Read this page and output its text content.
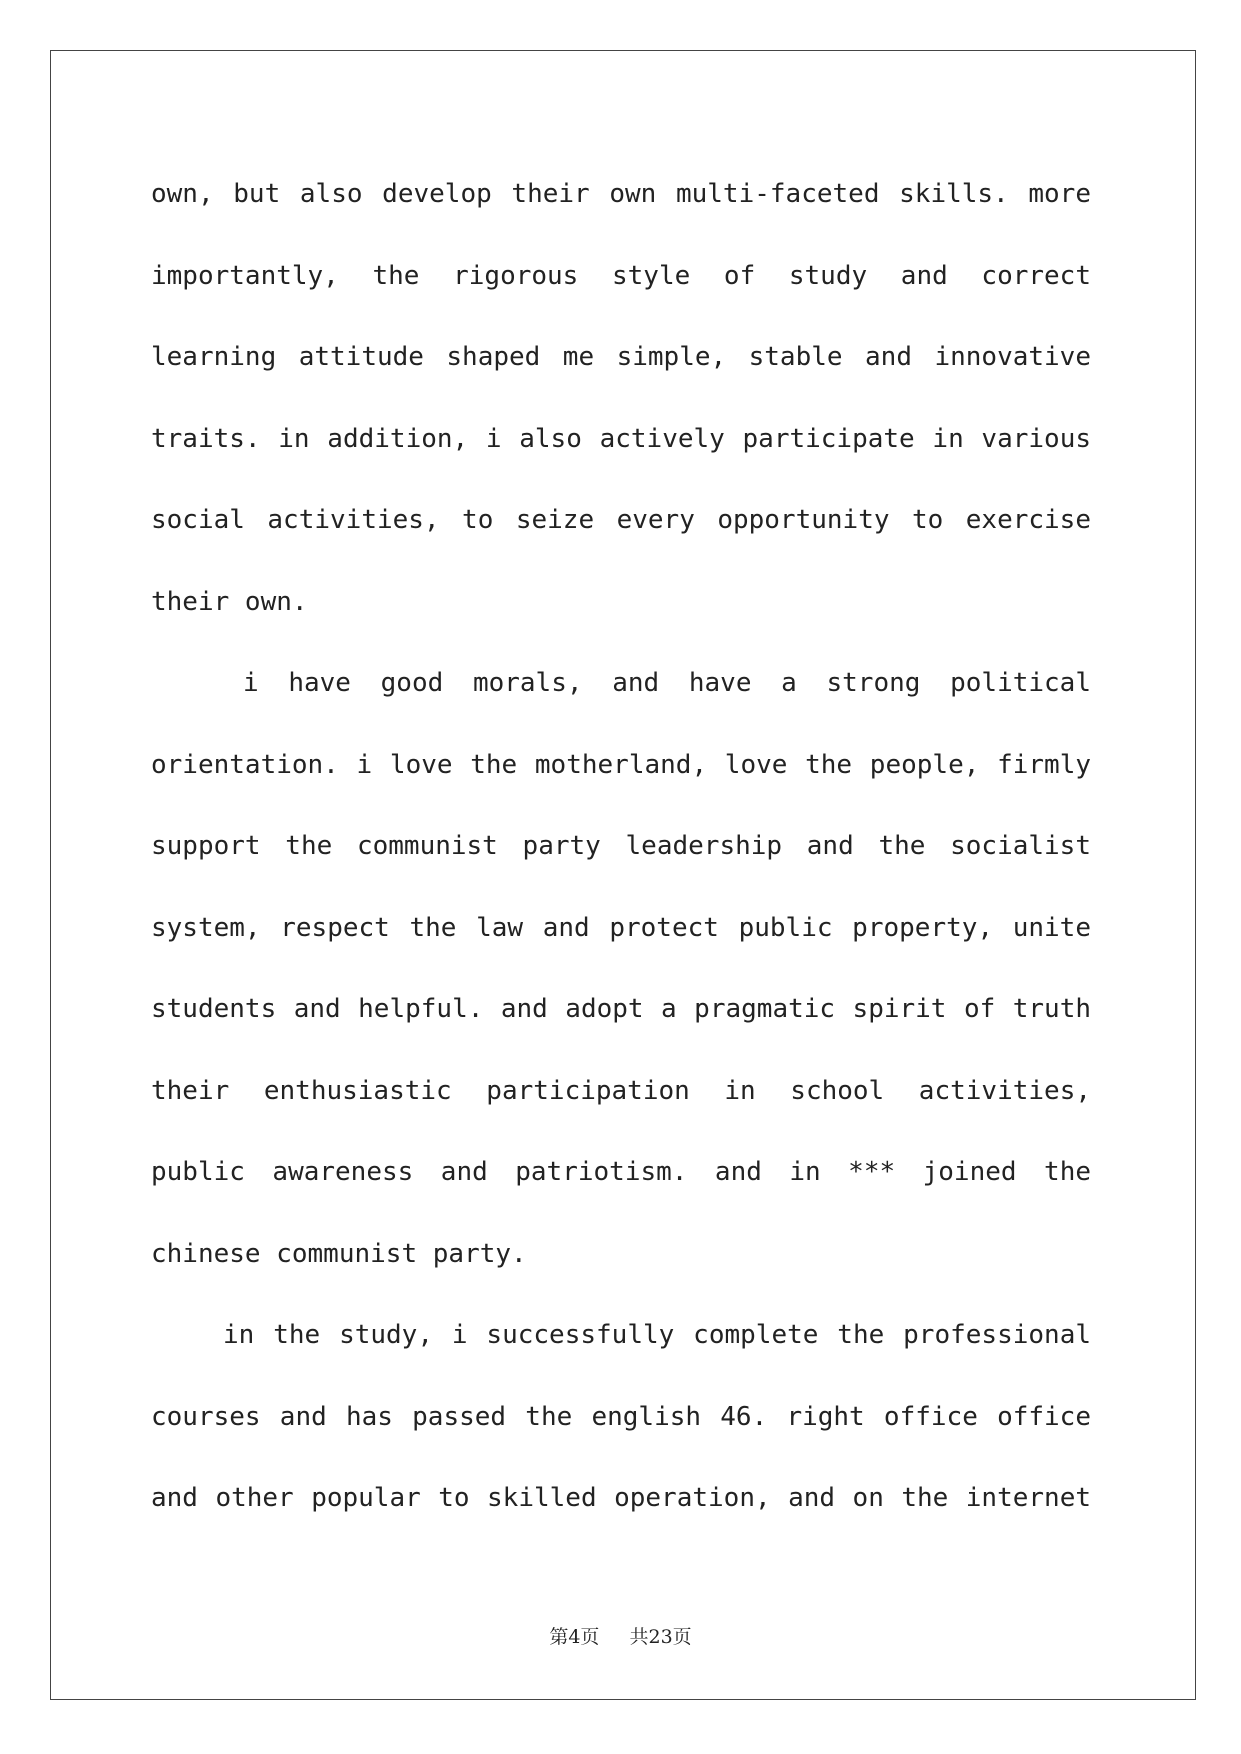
own, but also develop their own multi-faceted skills. more
importantly, the rigorous style of study and correct
learning attitude shaped me simple, stable and innovative
traits. in addition, i also actively participate in various
social activities, to seize every opportunity to exercise
their own.
i have good morals, and have a strong political
orientation. i love the motherland, love the people, firmly
support the communist party leadership and the socialist
system, respect the law and protect public property, unite
students and helpful. and adopt a pragmatic spirit of truth
their enthusiastic participation in school activities,
public awareness and patriotism. and in *** joined the
chinese communist party.
in the study, i successfully complete the professional
courses and has passed the english 46. right office office
and other popular to skilled operation, and on the internet
第4页 共23页
